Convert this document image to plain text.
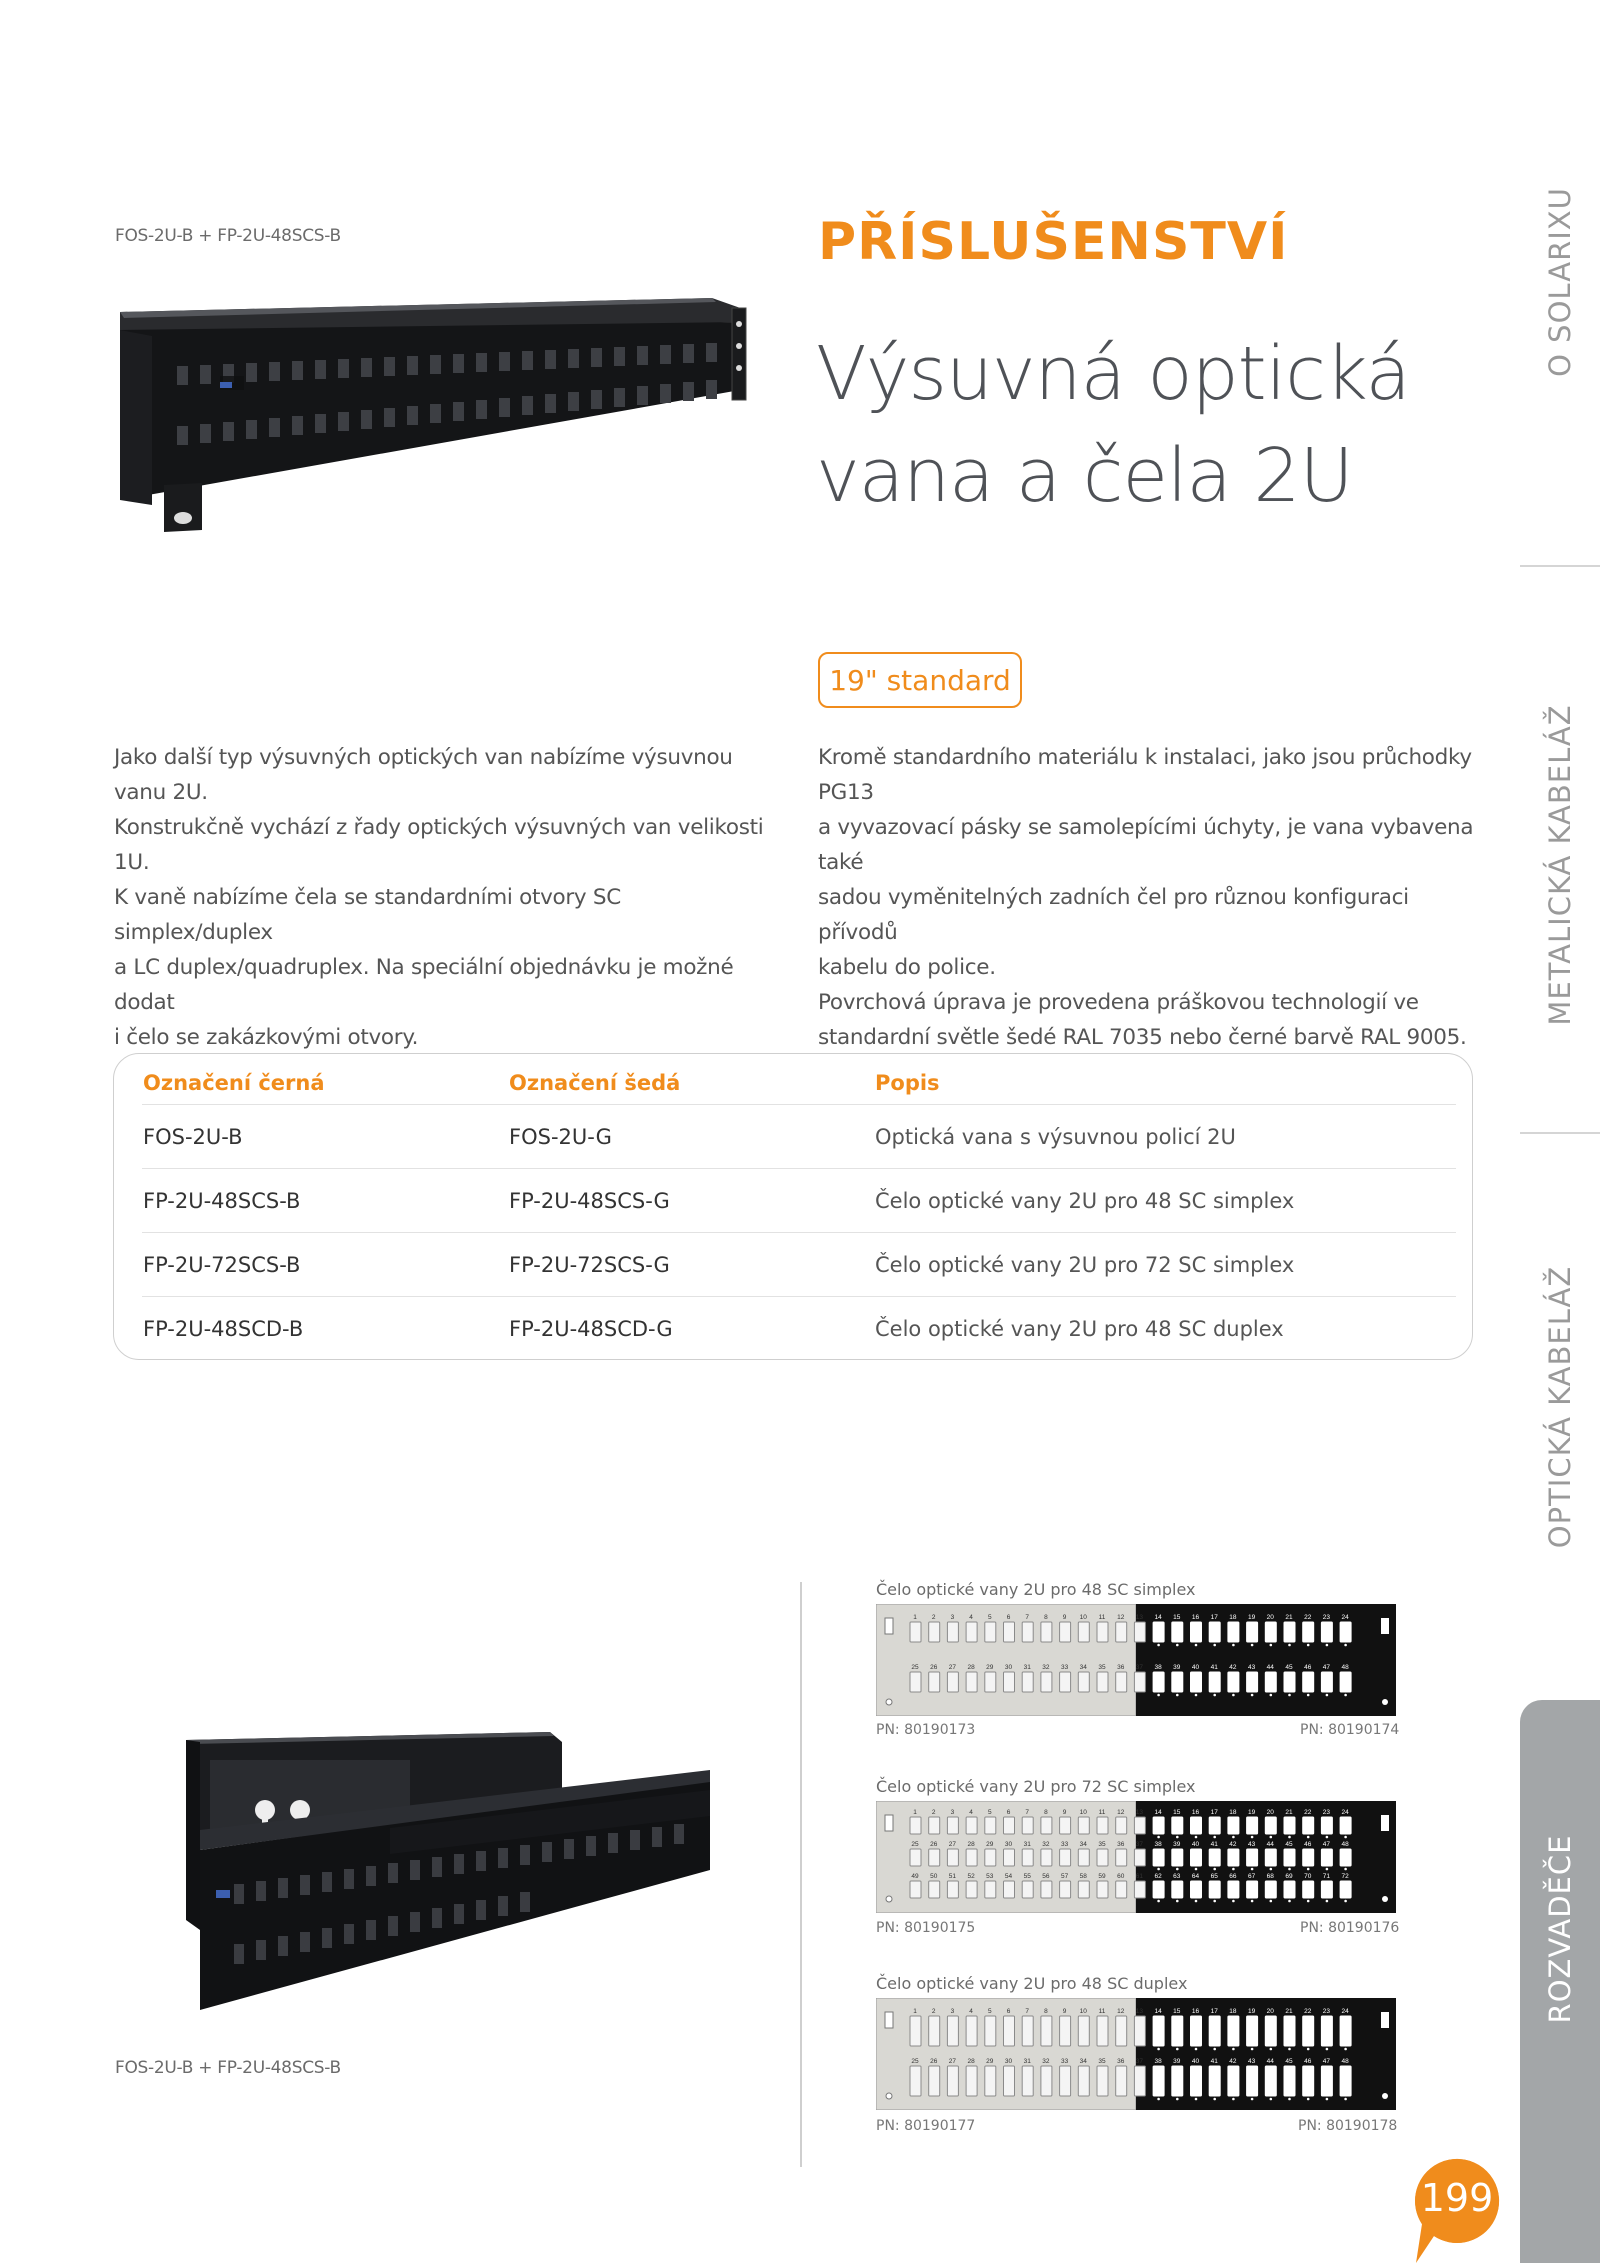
FOS-2U-B + FP-2U-48SCS-B	PŘÍSLUŠENSTVÍ
Výsuvná optická
vana a čela 2U
19" standard
Jako další typ výsuvných optických van nabízíme výsuvnou vanu 2U.
Konstrukčně vychází z řady optických výsuvných van velikosti 1U.
K vaně nabízíme čela se standardními otvory SC simplex/duplex
a LC duplex/quadruplex. Na speciální objednávku je možné dodat
i čelo se zakázkovými otvory.
Kromě standardního materiálu k instalaci, jako jsou průchodky PG13
a vyvazovací pásky se samolepícími úchyty, je vana vybavena také
sadou vyměnitelných zadních čel pro různou konfiguraci přívodů
kabelu do police.
Povrchová úprava je provedena práškovou technologií ve
standardní světle šedé RAL 7035 nebo černé barvě RAL 9005.
Označení černá	Označení šedá	Popis
FOS-2U-B	FOS-2U-G	Optická vana s výsuvnou policí 2U
FP-2U-48SCS-B	FP-2U-48SCS-G	Čelo optické vany 2U pro 48 SC simplex
FP-2U-72SCS-B	FP-2U-72SCS-G	Čelo optické vany 2U pro 72 SC simplex
FP-2U-48SCD-B	FP-2U-48SCD-G	Čelo optické vany 2U pro 48 SC duplex
FOS-2U-B + FP-2U-48SCS-B
Čelo optické vany 2U pro 48 SC simplex
1 2 3 4 5 6 7 8 9 10 11 12 13 14 15 16 17 18 19 20 21 22 23 24
25 26 27 28 29 30 31 32 33 34 35 36 37 38 39 40 41 42 43 44 45 46 47 48
PN: 80190173	PN: 80190174
Čelo optické vany 2U pro 72 SC simplex
1 2 3 4 5 6 7 8 9 10 11 12 13 14 15 16 17 18 19 20 21 22 23 24
25 26 27 28 29 30 31 32 33 34 35 36 37 38 39 40 41 42 43 44 45 46 47 48
49 50 51 52 53 54 55 56 57 58 59 60 61 62 63 64 65 66 67 68 69 70 71 72
PN: 80190175	PN: 80190176
Čelo optické vany 2U pro 48 SC duplex
1 2 3 4 5 6 7 8 9 10 11 12 13 14 15 16 17 18 19 20 21 22 23 24
25 26 27 28 29 30 31 32 33 34 35 36 37 38 39 40 41 42 43 44 45 46 47 48
PN: 80190177	PN: 80190178
O SOLARIXU
METALICKÁ KABELÁŽ
OPTICKÁ KABELÁŽ
ROZVADĚČE
199
